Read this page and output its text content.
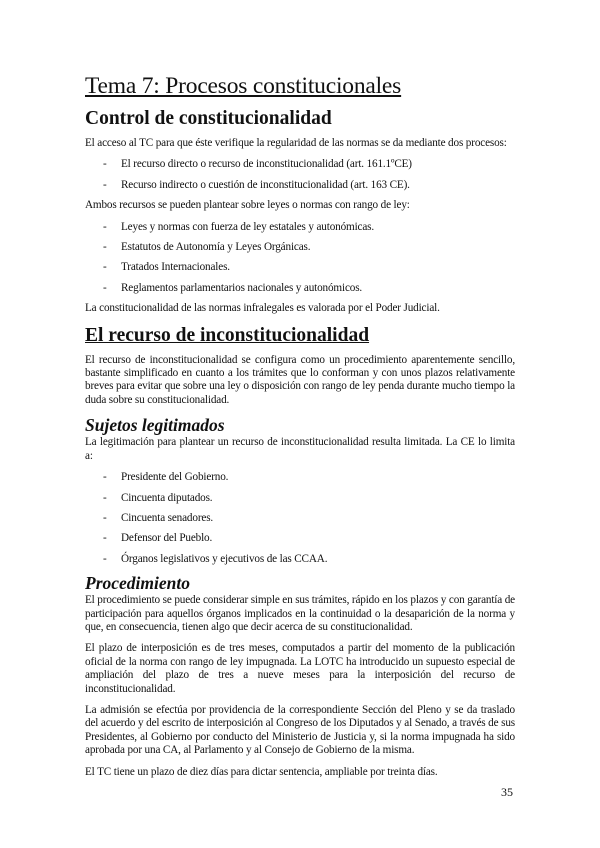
Tema 7: Procesos constitucionales
Control de constitucionalidad

El acceso al TC para que éste verifique la regularidad de las normas se da mediante dos procesos:

- El recurso directo o recurso de inconstitucionalidad (art. 161.1ºCE)
- Recurso indirecto o cuestión de inconstitucionalidad (art. 163 CE).

Ambos recursos se pueden plantear sobre leyes o normas con rango de ley:

- Leyes y normas con fuerza de ley estatales y autonómicas.
- Estatutos de Autonomía y Leyes Orgánicas.
- Tratados Internacionales.
- Reglamentos parlamentarios nacionales y autonómicos.

La constitucionalidad de las normas infralegales es valorada por el Poder Judicial.

El recurso de inconstitucionalidad

El recurso de inconstitucionalidad se configura como un procedimiento aparentemente sencillo, bastante simplificado en cuanto a los trámites que lo conforman y con unos plazos relativamente breves para evitar que sobre una ley o disposición con rango de ley penda durante mucho tiempo la duda sobre su constitucionalidad.

Sujetos legitimados

La legitimación para plantear un recurso de inconstitucionalidad resulta limitada. La CE lo limita a:

- Presidente del Gobierno.
- Cincuenta diputados.
- Cincuenta senadores.
- Defensor del Pueblo.
- Órganos legislativos y ejecutivos de las CCAA.
Procedimiento

El procedimiento se puede considerar simple en sus trámites, rápido en los plazos y con garantía de participación para aquellos órganos implicados en la continuidad o la desaparición de la norma y que, en consecuencia, tienen algo que decir acerca de su constitucionalidad.

El plazo de interposición es de tres meses, computados a partir del momento de la publicación oficial de la norma con rango de ley impugnada. La LOTC ha introducido un supuesto especial de ampliación del plazo de tres a nueve meses para la interposición del recurso de inconstitucionalidad.

La admisión se efectúa por providencia de la correspondiente Sección del Pleno y se da traslado del acuerdo y del escrito de interposición al Congreso de los Diputados y al Senado, a través de sus Presidentes, al Gobierno por conducto del Ministerio de Justicia y, si la norma impugnada ha sido aprobada por una CA, al Parlamento y al Consejo de Gobierno de la misma.

El TC tiene un plazo de diez días para dictar sentencia, ampliable por treinta días.

35
